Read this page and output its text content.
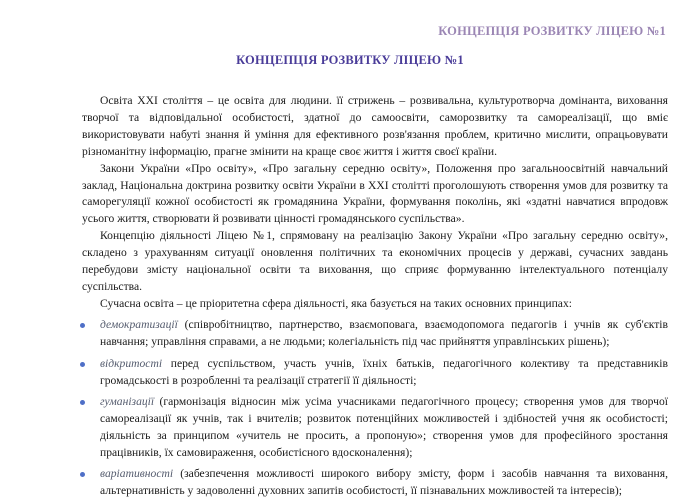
КОНЦЕПЦІЯ РОЗВИТКУ ЛІЦЕЮ №1
КОНЦЕПЦІЯ РОЗВИТКУ ЛІЦЕЮ №1

Освіта XXI століття – це освіта для людини. її стрижень – розвивальна, культуротворча домінанта, виховання творчої та відповідальної особистості, здатної до самоосвіти, саморозвитку та самореалізації, що вміє використовувати набуті знання й уміння для ефективного розв'язання проблем, критично мислити, опрацьовувати різноманітну інформацію, прагне змінити на краще своє життя і життя своєї країни.

Закони України «Про освіту», «Про загальну середню освіту», Положення про загальноосвітній навчальний заклад, Національна доктрина розвитку освіти України в XXI столітті проголошують створення умов для розвитку та саморегуляції кожної особистості як громадянина України, формування поколінь, які «здатні навчатися впродовж усього життя, створювати й розвивати цінності громадянського суспільства».

Концепцію діяльності Ліцею №1, спрямовану на реалізацію Закону України «Про загальну середню освіту», складено з урахуванням ситуації оновлення політичних та економічних процесів у державі, сучасних завдань перебудови змісту національної освіти та виховання, що сприяє формуванню інтелектуального потенціалу суспільства.

Сучасна освіта – це пріоритетна сфера діяльності, яка базується на таких основних принципах:

демократизації (співробітництво, партнерство, взаємоповага, взаємодопомога педагогів і учнів як суб'єктів навчання; управління справами, а не людьми; колегіальність під час прийняття управлінських рішень);
відкритості перед суспільством, участь учнів, їхніх батьків, педагогічного колективу та представників громадськості в розробленні та реалізації стратегії її діяльності;
гуманізації (гармонізація відносин між усіма учасниками педагогічного процесу; створення умов для творчої самореалізації як учнів, так і вчителів; розвиток потенційних можливостей і здібностей учня як особистості; діяльність за принципом «учитель не просить, а пропоную»; створення умов для професійного зростання працівників, їх самовираження, особистісного вдосконалення);
варіативності (забезпечення можливості широкого вибору змісту, форм і засобів навчання та виховання, альтернативність у задоволенні духовних запитів особистості, її пізнавальних можливостей та інтересів);
